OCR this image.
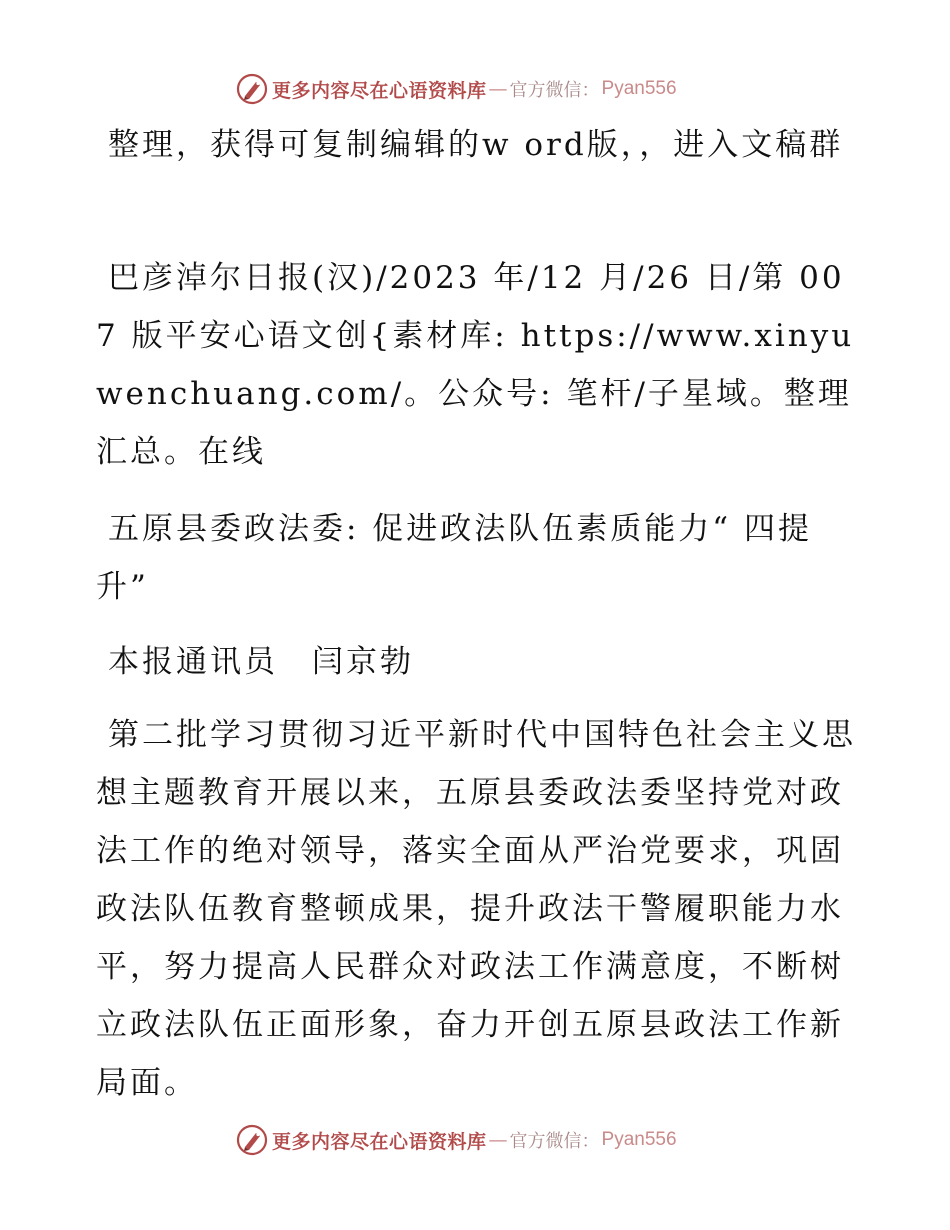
更多内容尽在心语资料库 — 官方微信： Pyan556
整理，获得可复制编辑的w ord版，，进入文稿群
巴彦淖尔日报(汉)/2023 年/12 月/26 日/第 007 版平安心语文创{素材库: https://www.xinyuwenchuang.com/。公众号: 笔杆/子星域。整理汇总。在线
五原县委政法委: 促进政法队伍素质能力“ 四提升”
本报通讯员　闫京勃
第二批学习贯彻习近平新时代中国特色社会主义思想主题教育开展以来，五原县委政法委坚持党对政法工作的绝对领导，落实全面从严治党要求，巩固政法队伍教育整顿成果，提升政法干警履职能力水平，努力提高人民群众对政法工作满意度，不断树立政法队伍正面形象，奋力开创五原县政法工作新局面。
更多内容尽在心语资料库 — 官方微信： Pyan556
